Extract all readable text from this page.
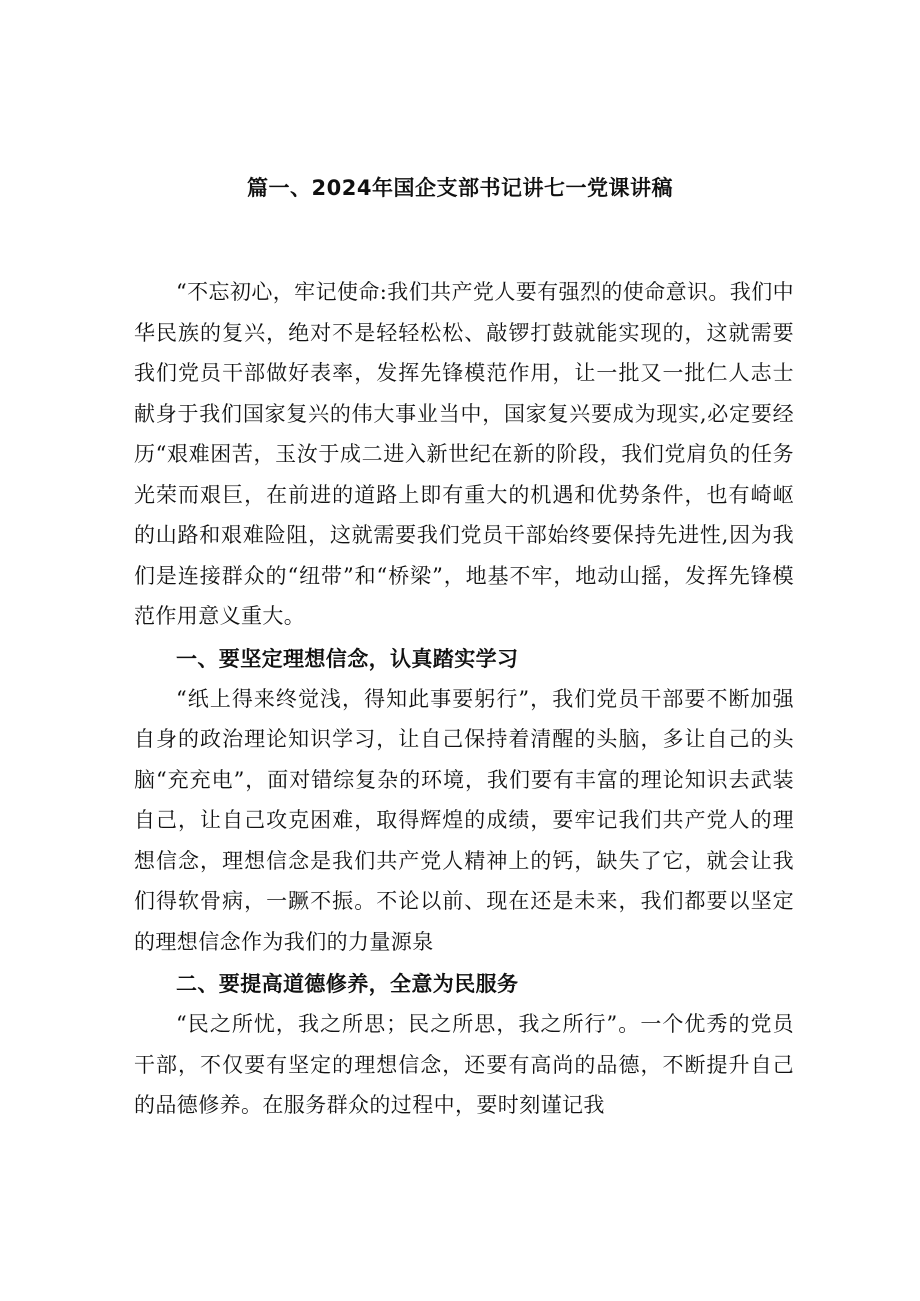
篇一、2024年国企支部书记讲七一党课讲稿

“不忘初心，牢记使命:我们共产党人要有强烈的使命意识。我们中华民族的复兴，绝对不是轻轻松松、敲锣打鼓就能实现的，这就需要我们党员干部做好表率，发挥先锋模范作用，让一批又一批仁人志士献身于我们国家复兴的伟大事业当中，国家复兴要成为现实,必定要经历“艰难困苦，玉汝于成二进入新世纪在新的阶段，我们党肩负的任务光荣而艰巨，在前进的道路上即有重大的机遇和优势条件，也有崎岖的山路和艰难险阻，这就需要我们党员干部始终要保持先进性,因为我们是连接群众的“纽带”和“桥梁”，地基不牢，地动山摇，发挥先锋模范作用意义重大。

一、要坚定理想信念，认真踏实学习

“纸上得来终觉浅，得知此事要躬行”，我们党员干部要不断加强自身的政治理论知识学习，让自己保持着清醒的头脑，多让自己的头脑“充充电”，面对错综复杂的环境，我们要有丰富的理论知识去武装自己，让自己攻克困难，取得辉煌的成绩，要牢记我们共产党人的理想信念，理想信念是我们共产党人精神上的钙，缺失了它，就会让我们得软骨病，一蹶不振。不论以前、现在还是未来，我们都要以坚定的理想信念作为我们的力量源泉

二、要提高道德修养，全意为民服务

“民之所忧，我之所思；民之所思，我之所行”。一个优秀的党员干部，不仅要有坚定的理想信念，还要有高尚的品德，不断提升自己的品德修养。在服务群众的过程中，要时刻谨记我
